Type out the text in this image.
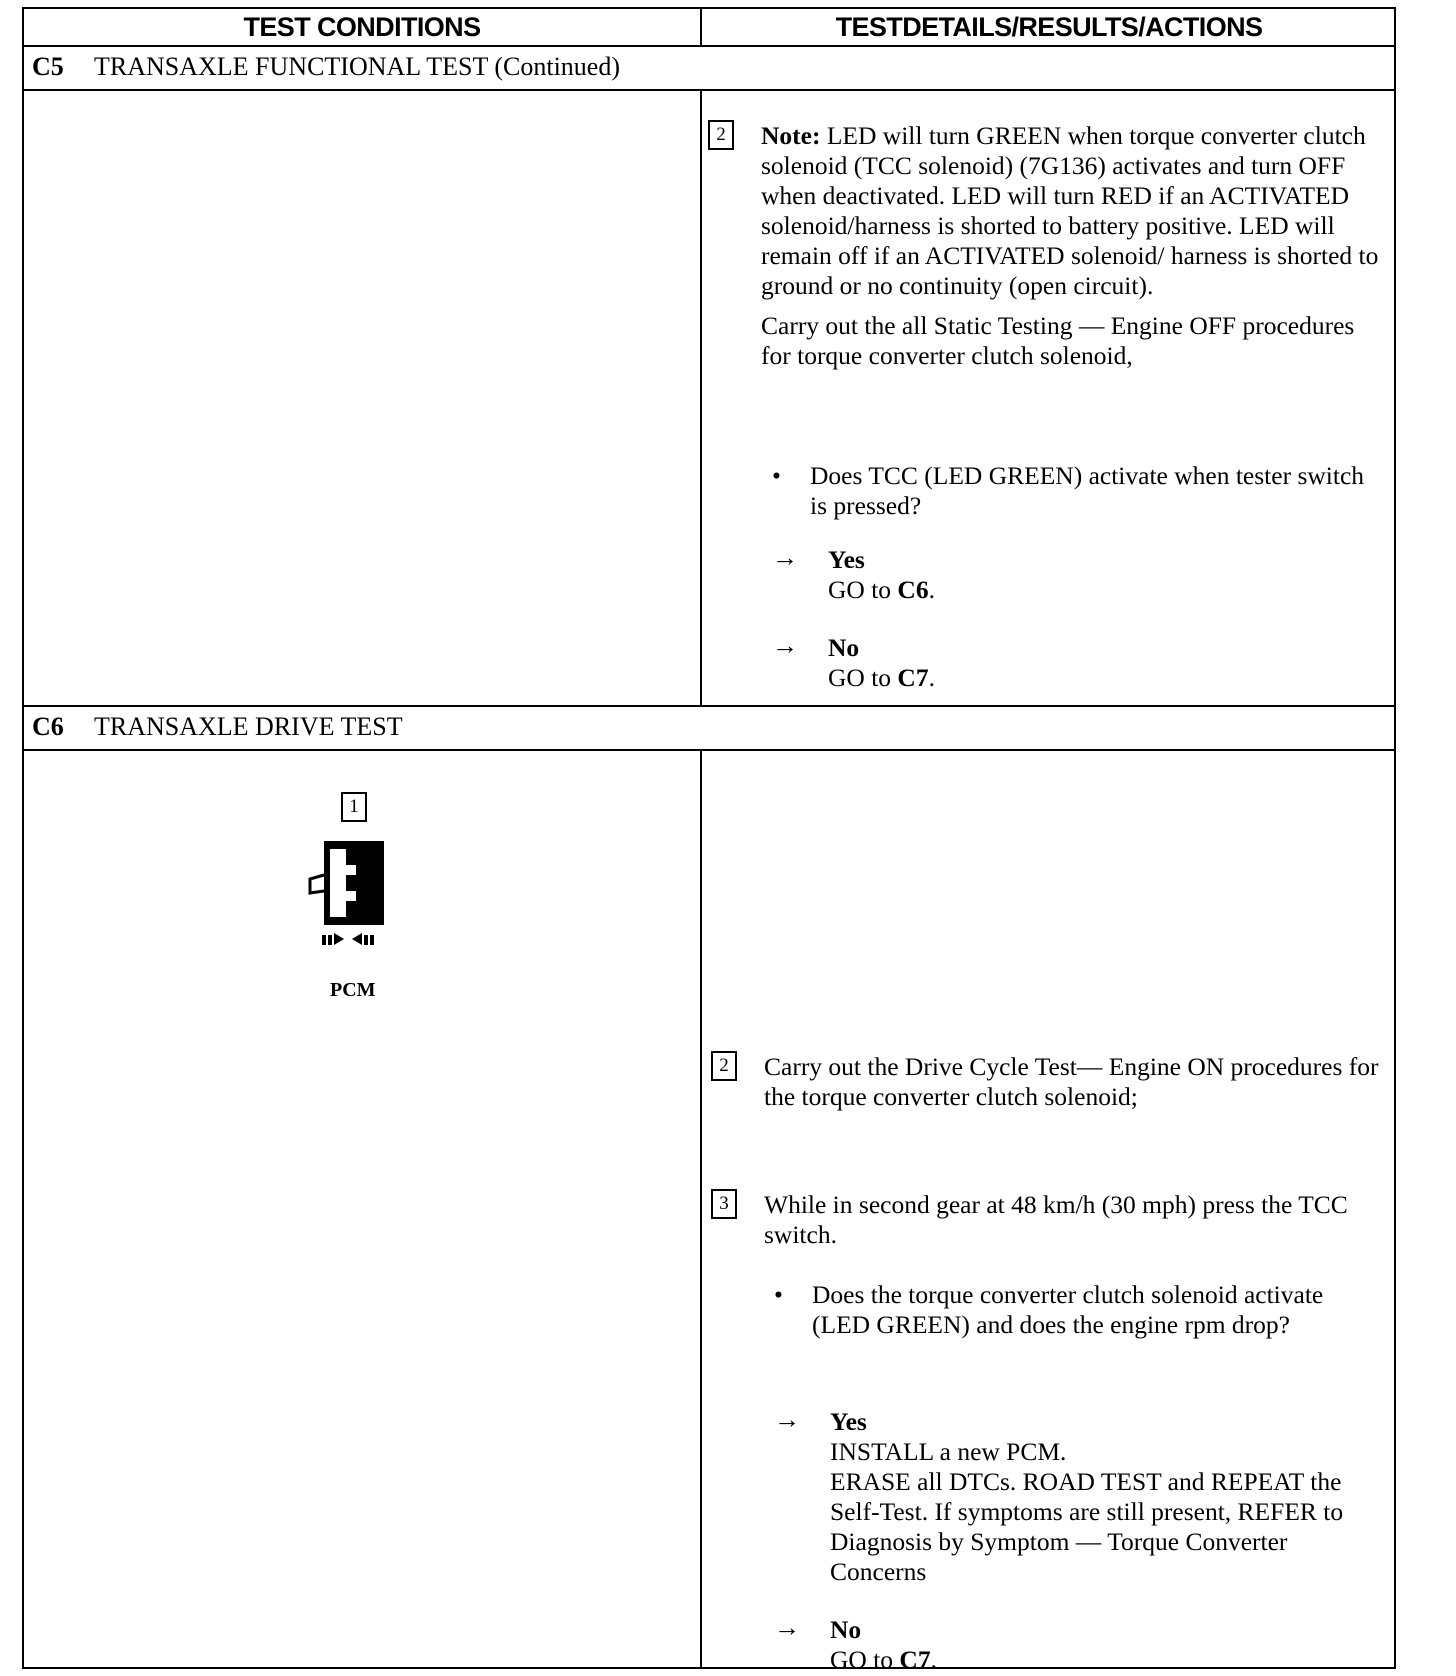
TEST CONDITIONS	TESTDETAILS/RESULTS/ACTIONS
C5 TRANSAXLE FUNCTIONAL TEST (Continued)
2	Note: LED will turn GREEN when torque converter clutch solenoid (TCC solenoid) (7G136) activates and turn OFF when deactivated. LED will turn RED if an ACTIVATED solenoid/harness is shorted to battery positive. LED will remain off if an ACTIVATED solenoid/ harness is shorted to ground or no continuity (open circuit).

Carry out the all Static Testing — Engine OFF procedures for torque converter clutch solenoid,

• Does TCC (LED GREEN) activate when tester switch is pressed?
→ Yes
GO to C6.
→ No
GO to C7.
C6 TRANSAXLE DRIVE TEST
1
PCM
2	Carry out the Drive Cycle Test— Engine ON procedures for the torque converter clutch solenoid;
3	While in second gear at 48 km/h (30 mph) press the TCC switch.
• Does the torque converter clutch solenoid activate (LED GREEN) and does the engine rpm drop?
→ Yes
INSTALL a new PCM.
ERASE all DTCs. ROAD TEST and REPEAT the Self-Test. If symptoms are still present, REFER to Diagnosis by Symptom — Torque Converter Concerns
→ No
GO to C7.
